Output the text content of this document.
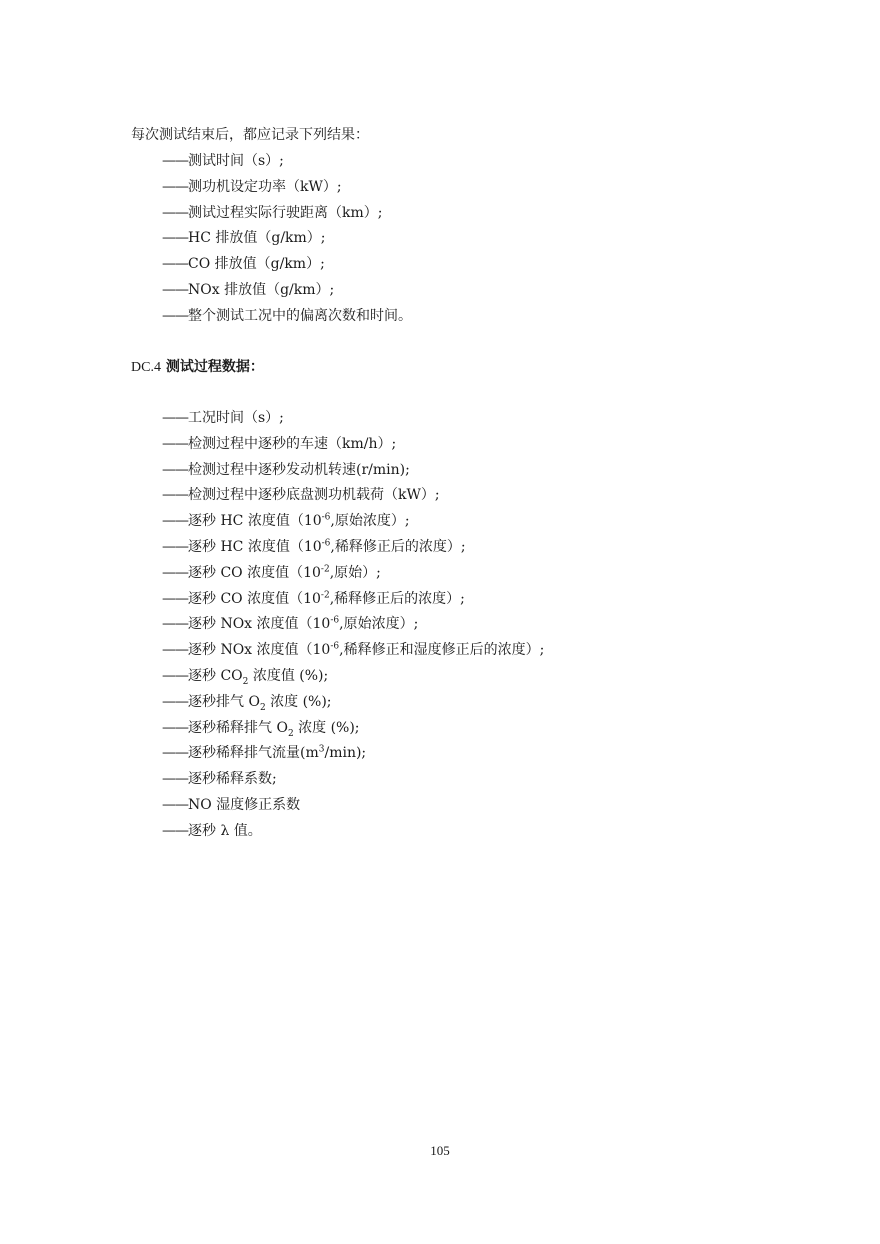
每次测试结束后，都应记录下列结果：
——测试时间（s）;
——测功机设定功率（kW）;
——测试过程实际行驶距离（km）;
——HC 排放值（g/km）;
——CO 排放值（g/km）;
——NOx 排放值（g/km）;
——整个测试工况中的偏离次数和时间。
DC.4 测试过程数据：
——工况时间（s）;
——检测过程中逐秒的车速（km/h）;
——检测过程中逐秒发动机转速(r/min);
——检测过程中逐秒底盘测功机载荷（kW）;
——逐秒 HC 浓度值（$10^{-6}$,原始浓度）;
——逐秒 HC 浓度值（$10^{-6}$,稀释修正后的浓度）;
——逐秒 CO 浓度值（$10^{-2}$,原始）;
——逐秒 CO 浓度值（$10^{-2}$,稀释修正后的浓度）;
——逐秒 NOx 浓度值（$10^{-6}$,原始浓度）;
——逐秒 NOx 浓度值（$10^{-6}$,稀释修正和湿度修正后的浓度）;
——逐秒 $CO_2$ 浓度值 (%);
——逐秒排气 $O_2$ 浓度 (%);
——逐秒稀释排气 $O_2$ 浓度 (%);
——逐秒稀释排气流量$(m^3/\min)$;
——逐秒稀释系数;
——NO 湿度修正系数
——逐秒 λ 值。
105
